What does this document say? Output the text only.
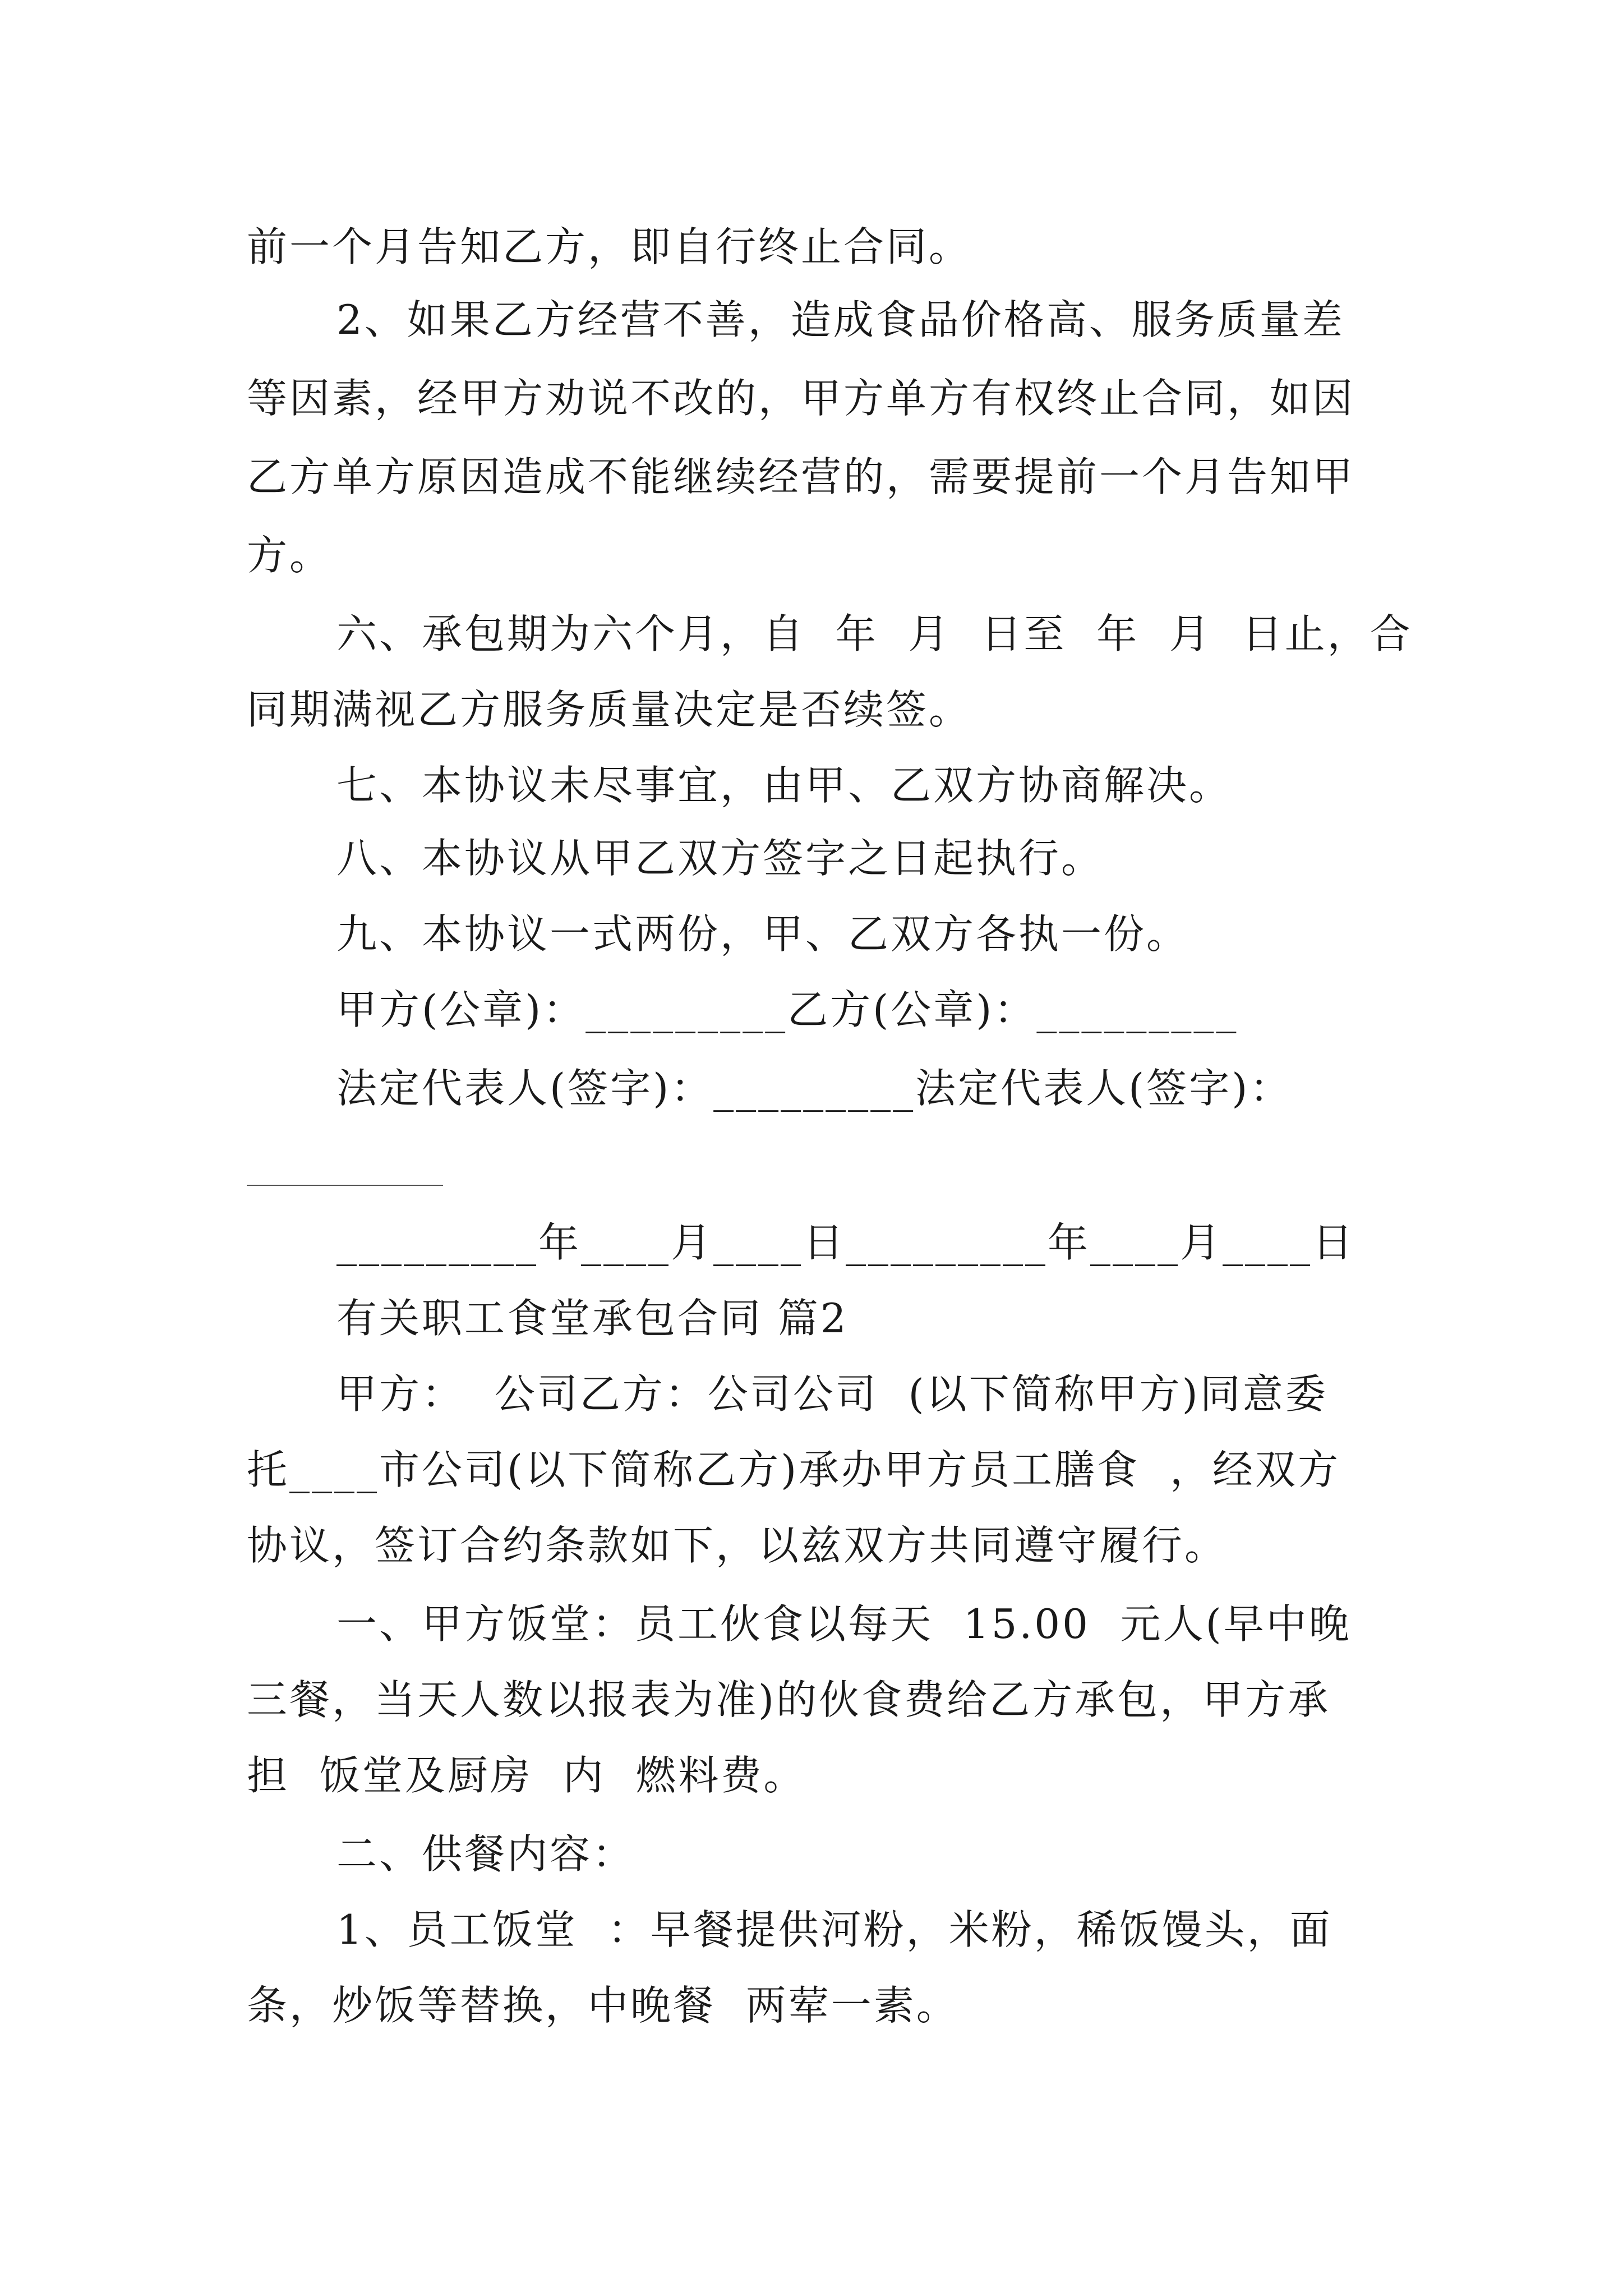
前一个月告知乙方，即自行终止合同。
2、如果乙方经营不善，造成食品价格高、服务质量差
等因素，经甲方劝说不改的，甲方单方有权终止合同，如因
乙方单方原因造成不能继续经营的，需要提前一个月告知甲
方。
六、承包期为六个月，自  年  月  日至  年  月  日止，合
同期满视乙方服务质量决定是否续签。
七、本协议未尽事宜，由甲、乙双方协商解决。
八、本协议从甲乙双方签字之日起执行。
九、本协议一式两份，甲、乙双方各执一份。
甲方(公章)：_________乙方(公章)：_________
法定代表人(签字)：_________法定代表人(签字)：
_________年____月____日_________年____月____日
有关职工食堂承包合同 篇2
甲方：  公司乙方：公司公司  (以下简称甲方)同意委
托____市公司(以下简称乙方)承办甲方员工膳食  ，经双方
协议，签订合约条款如下，以兹双方共同遵守履行。
一、甲方饭堂：员工伙食以每天  15.00  元人(早中晚
三餐，当天人数以报表为准)的伙食费给乙方承包，甲方承
担  饭堂及厨房  内  燃料费。
二、供餐内容：
1、员工饭堂  ：早餐提供河粉，米粉，稀饭馒头，面
条，炒饭等替换，中晚餐  两荤一素。
